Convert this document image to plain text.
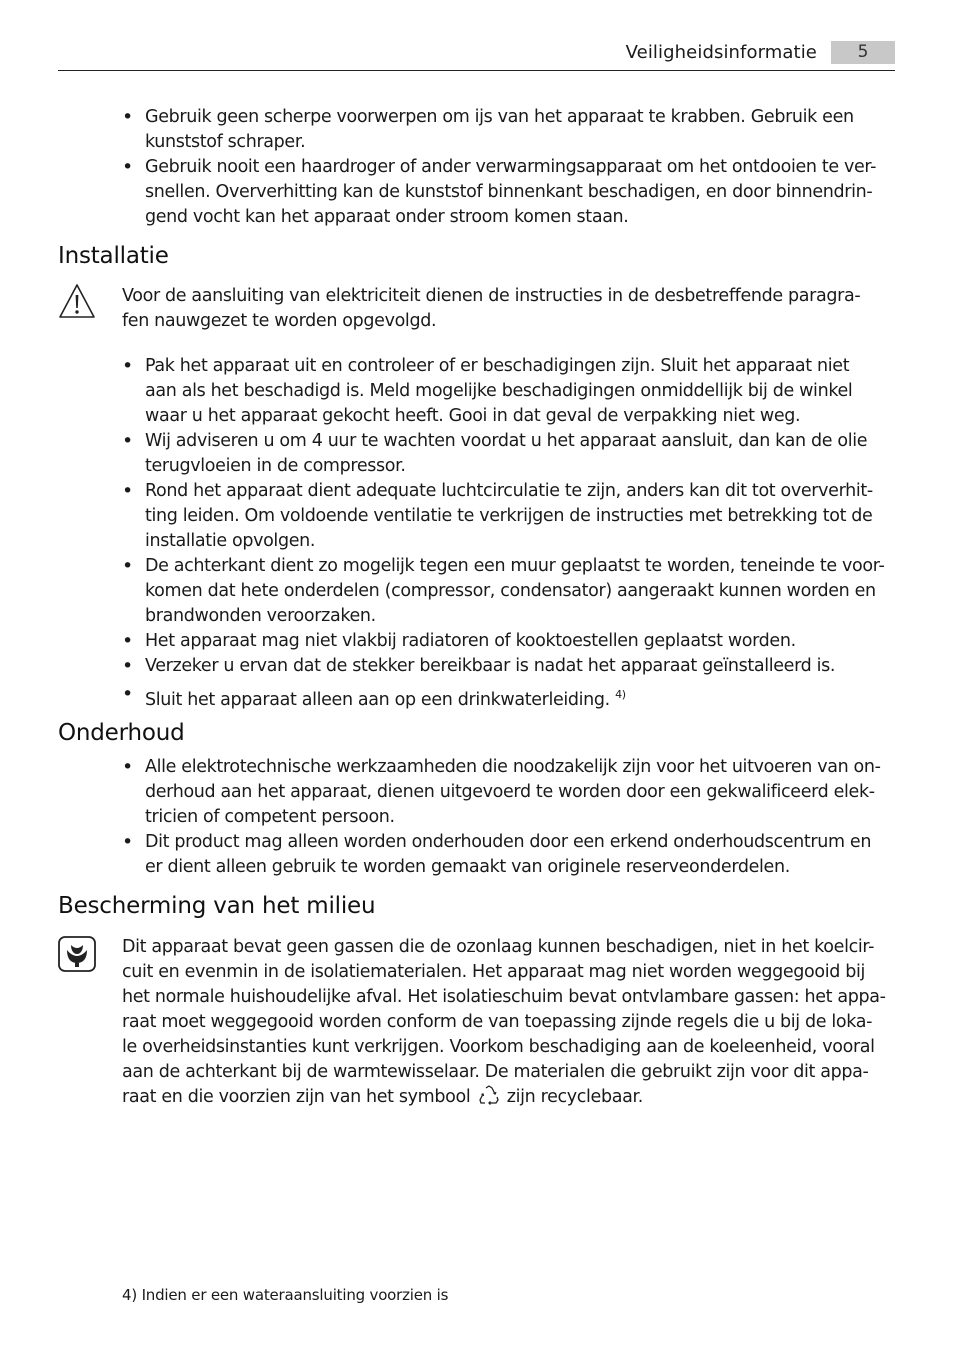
Veiligheidsinformatie	5
• Gebruik geen scherpe voorwerpen om ijs van het apparaat te krabben. Gebruik een
kunststof schraper.
• Gebruik nooit een haardroger of ander verwarmingsapparaat om het ontdooien te ver-
snellen. Oververhitting kan de kunststof binnenkant beschadigen, en door binnendrin-
gend vocht kan het apparaat onder stroom komen staan.
Installatie
Voor de aansluiting van elektriciteit dienen de instructies in de desbetreffende paragra-
fen nauwgezet te worden opgevolgd.
• Pak het apparaat uit en controleer of er beschadigingen zijn. Sluit het apparaat niet
aan als het beschadigd is. Meld mogelijke beschadigingen onmiddellijk bij de winkel
waar u het apparaat gekocht heeft. Gooi in dat geval de verpakking niet weg.
• Wij adviseren u om 4 uur te wachten voordat u het apparaat aansluit, dan kan de olie
terugvloeien in de compressor.
• Rond het apparaat dient adequate luchtcirculatie te zijn, anders kan dit tot oververhit-
ting leiden. Om voldoende ventilatie te verkrijgen de instructies met betrekking tot de
installatie opvolgen.
• De achterkant dient zo mogelijk tegen een muur geplaatst te worden, teneinde te voor-
komen dat hete onderdelen (compressor, condensator) aangeraakt kunnen worden en
brandwonden veroorzaken.
• Het apparaat mag niet vlakbij radiatoren of kooktoestellen geplaatst worden.
• Verzeker u ervan dat de stekker bereikbaar is nadat het apparaat geïnstalleerd is.
• Sluit het apparaat alleen aan op een drinkwaterleiding. $^{4)}$
Onderhoud
• Alle elektrotechnische werkzaamheden die noodzakelijk zijn voor het uitvoeren van on-
derhoud aan het apparaat, dienen uitgevoerd te worden door een gekwalificeerd elek-
tricien of competent persoon.
• Dit product mag alleen worden onderhouden door een erkend onderhoudscentrum en
er dient alleen gebruik te worden gemaakt van originele reserveonderdelen.
Bescherming van het milieu
Dit apparaat bevat geen gassen die de ozonlaag kunnen beschadigen, niet in het koelcir-
cuit en evenmin in de isolatiematerialen. Het apparaat mag niet worden weggegooid bij
het normale huishoudelijke afval. Het isolatieschuim bevat ontvlambare gassen: het appa-
raat moet weggegooid worden conform de van toepassing zijnde regels die u bij de loka-
le overheidsinstanties kunt verkrijgen. Voorkom beschadiging aan de koeleenheid, vooral
aan de achterkant bij de warmtewisselaar. De materialen die gebruikt zijn voor dit appa-
raat en die voorzien zijn van het symbool zijn recyclebaar.
4) Indien er een wateraansluiting voorzien is
